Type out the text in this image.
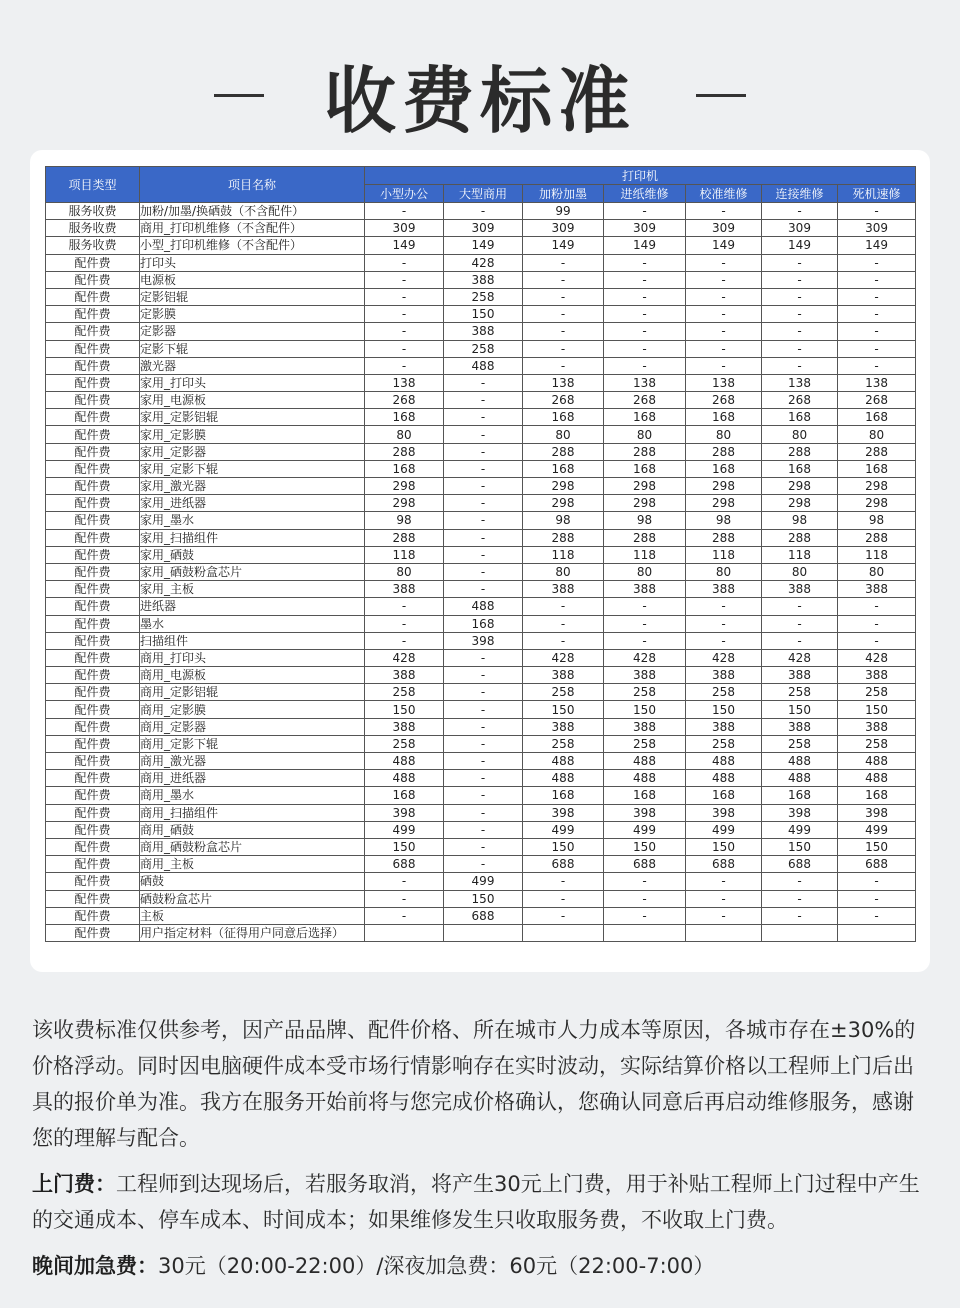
收费标准
项目类型	项目名称	打印机						
		小型办公	大型商用	加粉加墨	进纸维修	校准维修	连接维修	死机速修
服务收费	加粉/加墨/换硒鼓（不含配件）	-	-	99	-	-	-	-
服务收费	商用_打印机维修（不含配件）	309	309	309	309	309	309	309
服务收费	小型_打印机维修（不含配件）	149	149	149	149	149	149	149
配件费	打印头	-	428	-	-	-	-	-
配件费	电源板	-	388	-	-	-	-	-
配件费	定影铝辊	-	258	-	-	-	-	-
配件费	定影膜	-	150	-	-	-	-	-
配件费	定影器	-	388	-	-	-	-	-
配件费	定影下辊	-	258	-	-	-	-	-
配件费	激光器	-	488	-	-	-	-	-
配件费	家用_打印头	138	-	138	138	138	138	138
配件费	家用_电源板	268	-	268	268	268	268	268
配件费	家用_定影铝辊	168	-	168	168	168	168	168
配件费	家用_定影膜	80	-	80	80	80	80	80
配件费	家用_定影器	288	-	288	288	288	288	288
配件费	家用_定影下辊	168	-	168	168	168	168	168
配件费	家用_激光器	298	-	298	298	298	298	298
配件费	家用_进纸器	298	-	298	298	298	298	298
配件费	家用_墨水	98	-	98	98	98	98	98
配件费	家用_扫描组件	288	-	288	288	288	288	288
配件费	家用_硒鼓	118	-	118	118	118	118	118
配件费	家用_硒鼓粉盒芯片	80	-	80	80	80	80	80
配件费	家用_主板	388	-	388	388	388	388	388
配件费	进纸器	-	488	-	-	-	-	-
配件费	墨水	-	168	-	-	-	-	-
配件费	扫描组件	-	398	-	-	-	-	-
配件费	商用_打印头	428	-	428	428	428	428	428
配件费	商用_电源板	388	-	388	388	388	388	388
配件费	商用_定影铝辊	258	-	258	258	258	258	258
配件费	商用_定影膜	150	-	150	150	150	150	150
配件费	商用_定影器	388	-	388	388	388	388	388
配件费	商用_定影下辊	258	-	258	258	258	258	258
配件费	商用_激光器	488	-	488	488	488	488	488
配件费	商用_进纸器	488	-	488	488	488	488	488
配件费	商用_墨水	168	-	168	168	168	168	168
配件费	商用_扫描组件	398	-	398	398	398	398	398
配件费	商用_硒鼓	499	-	499	499	499	499	499
配件费	商用_硒鼓粉盒芯片	150	-	150	150	150	150	150
配件费	商用_主板	688	-	688	688	688	688	688
配件费	硒鼓	-	499	-	-	-	-	-
配件费	硒鼓粉盒芯片	-	150	-	-	-	-	-
配件费	主板	-	688	-	-	-	-	-
配件费	用户指定材料（征得用户同意后选择）							

该收费标准仅供参考，因产品品牌、配件价格、所在城市人力成本等原因，各城市存在±30%的价格浮动。同时因电脑硬件成本受市场行情影响存在实时波动，实际结算价格以工程师上门后出具的报价单为准。我方在服务开始前将与您完成价格确认，您确认同意后再启动维修服务，感谢您的理解与配合。

上门费：工程师到达现场后，若服务取消，将产生30元上门费，用于补贴工程师上门过程中产生的交通成本、停车成本、时间成本；如果维修发生只收取服务费，不收取上门费。

晚间加急费：30元（20:00-22:00）/深夜加急费：60元（22:00-7:00）
